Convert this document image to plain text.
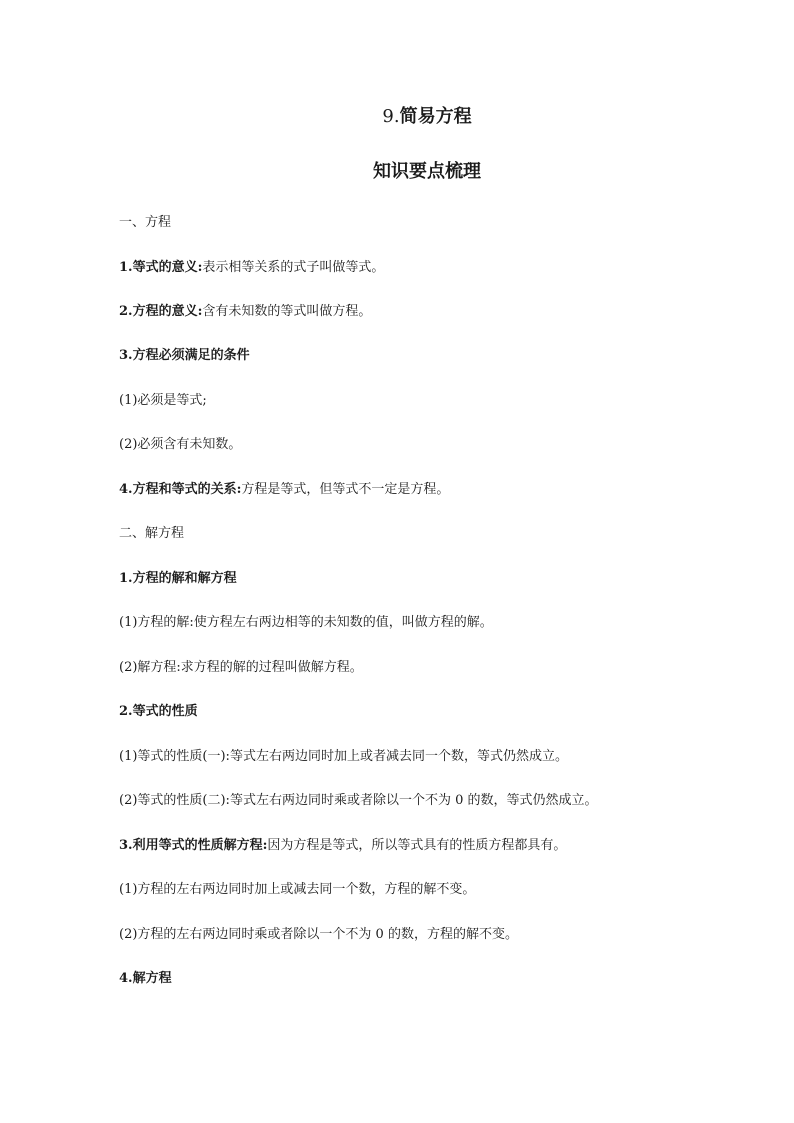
9.简易方程
知识要点梳理

一、方程

1.等式的意义:表示相等关系的式子叫做等式。

2.方程的意义:含有未知数的等式叫做方程。

3.方程必须满足的条件

(1)必须是等式;

(2)必须含有未知数。

4.方程和等式的关系:方程是等式，但等式不一定是方程。

二、解方程

1.方程的解和解方程

(1)方程的解:使方程左右两边相等的未知数的值，叫做方程的解。

(2)解方程:求方程的解的过程叫做解方程。

2.等式的性质

(1)等式的性质(一):等式左右两边同时加上或者减去同一个数，等式仍然成立。

(2)等式的性质(二):等式左右两边同时乘或者除以一个不为 0 的数，等式仍然成立。

3.利用等式的性质解方程:因为方程是等式，所以等式具有的性质方程都具有。

(1)方程的左右两边同时加上或减去同一个数，方程的解不变。

(2)方程的左右两边同时乘或者除以一个不为 0 的数，方程的解不变。

4.解方程
